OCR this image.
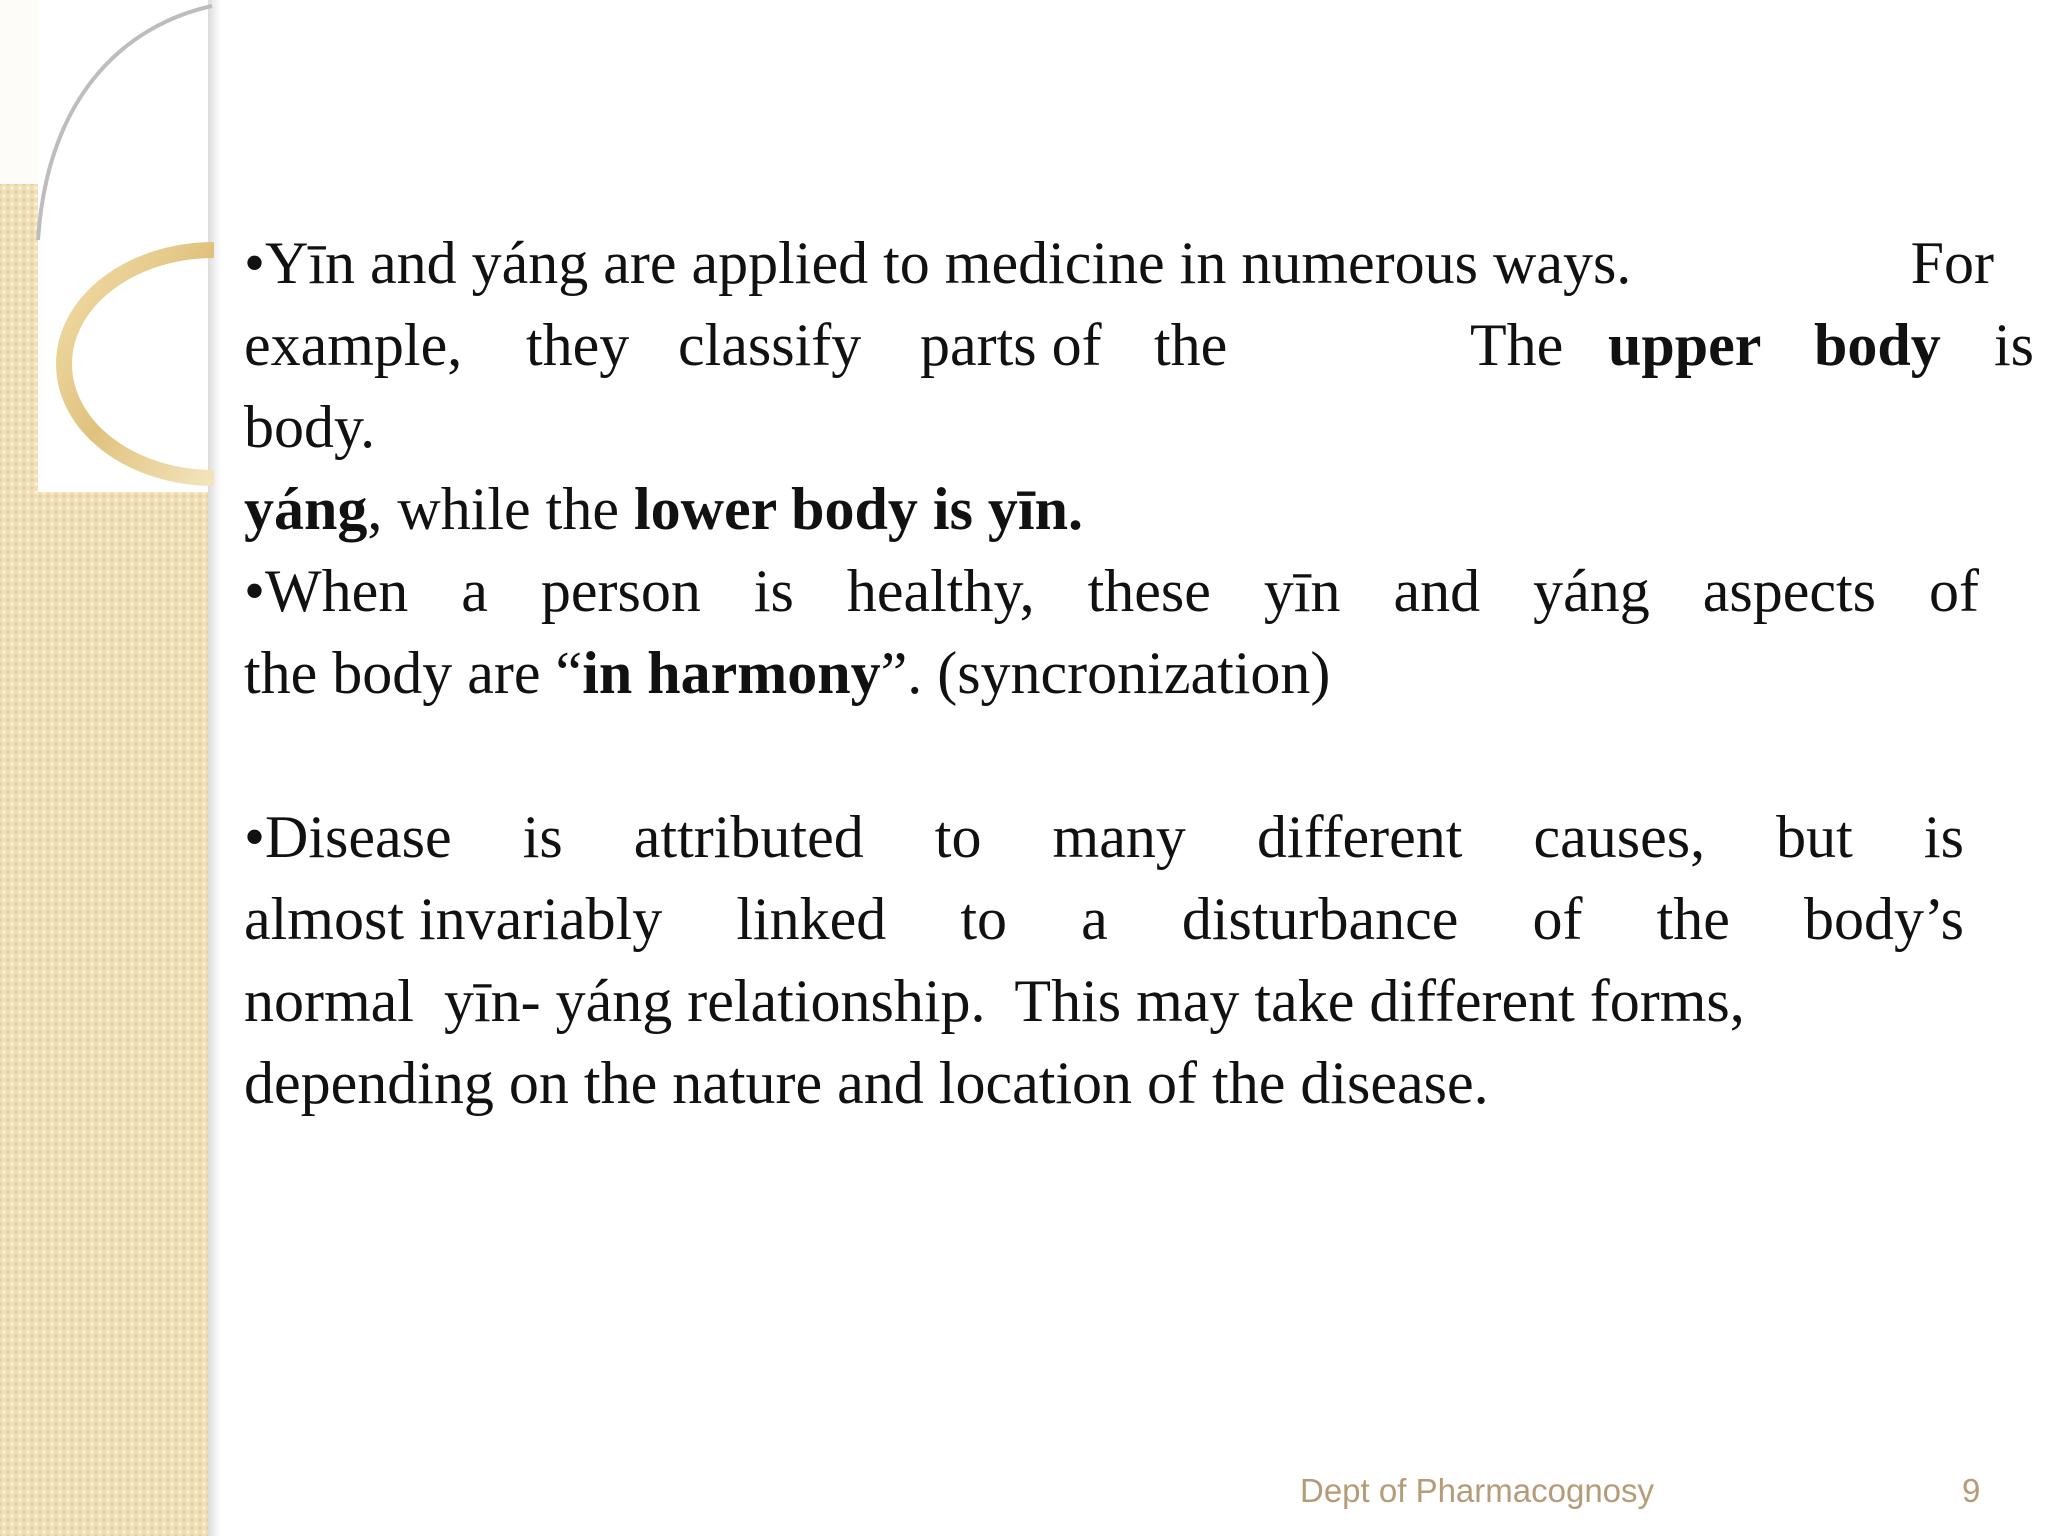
•Yīn and yáng are applied to medicine in numerous ways.	For
example, they classify parts of the	The upper body is
body.
yáng, while the lower body is yīn.
•When a person is healthy, these yīn and yáng aspects of
the body are “in harmony”. (syncronization)
•Disease is attributed to many different causes, but is
almost invariably linked to a disturbance of the body’s
normal  yīn- yáng relationship.  This may take different forms,
depending on the nature and location of the disease.
Dept of Pharmacognosy	9
